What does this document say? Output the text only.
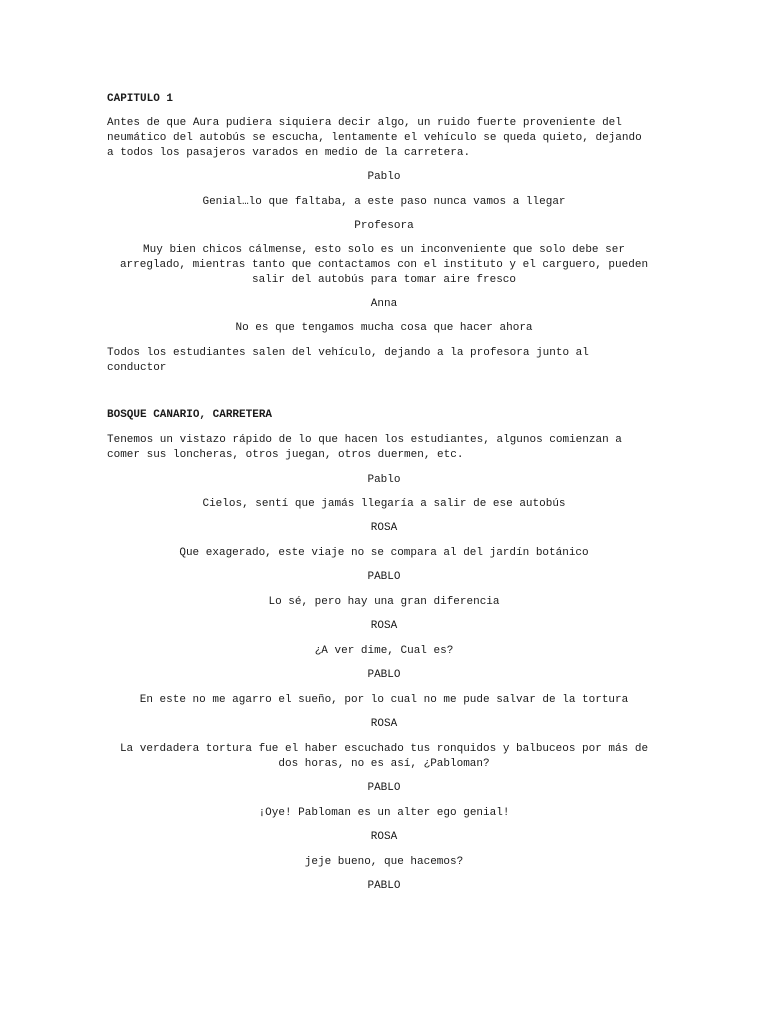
CAPITULO 1
Antes de que Aura pudiera siquiera decir algo, un ruido fuerte proveniente del
neumático del autobús se escucha, lentamente el vehículo se queda quieto, dejando
a todos los pasajeros varados en medio de la carretera.
Pablo
Genial…lo que faltaba, a este paso nunca vamos a llegar
Profesora
Muy bien chicos cálmense, esto solo es un inconveniente que solo debe ser
arreglado, mientras tanto que contactamos con el instituto y el carguero, pueden
salir del autobús para tomar aire fresco
Anna
No es que tengamos mucha cosa que hacer ahora
Todos los estudiantes salen del vehículo, dejando a la profesora junto al
conductor
BOSQUE CANARIO, CARRETERA
Tenemos un vistazo rápido de lo que hacen los estudiantes, algunos comienzan a
comer sus loncheras, otros juegan, otros duermen, etc.
Pablo
Cielos, sentí que jamás llegaría a salir de ese autobús
ROSA
Que exagerado, este viaje no se compara al del jardín botánico
PABLO
Lo sé, pero hay una gran diferencia
ROSA
¿A ver dime, Cual es?
PABLO
En este no me agarro el sueño, por lo cual no me pude salvar de la tortura
ROSA
La verdadera tortura fue el haber escuchado tus ronquidos y balbuceos por más de
dos horas, no es así, ¿Pabloman?
PABLO
¡Oye! Pabloman es un alter ego genial!
ROSA
jeje bueno, que hacemos?
PABLO
